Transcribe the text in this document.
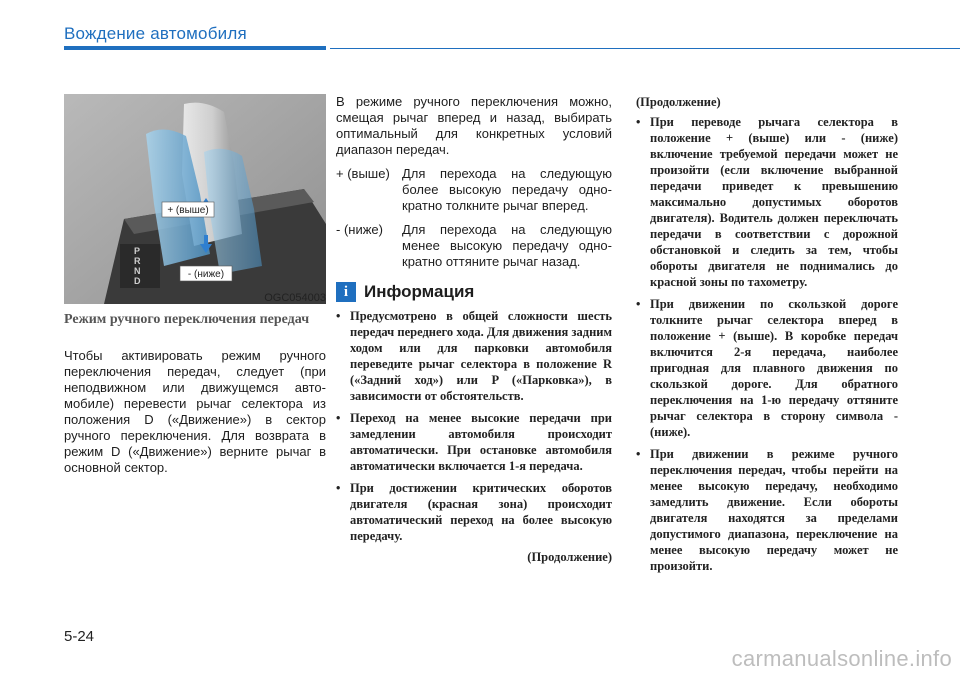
Вождение автомобиля
P R N D
+ (выше)
- (ниже)
OGC054003
Режим ручного переключения передач

Чтобы активировать режим ручного переключения передач, следует (при неподвижном или движущемся автомобиле) перевести рычаг селектора из положения D («Движение») в сектор ручного переключения. Для возврата в режим D («Движение») верните рычаг в основной сектор.

В режиме ручного переключения можно, смещая рычаг вперед и назад, выбирать оптимальный для конкретных условий диапазон передач.

+ (выше) Для перехода на следующую более высокую передачу однократно толкните рычаг вперед.
- (ниже)	Для перехода на следующую менее высокую передачу однократно оттяните рычаг назад.
i Информация
• Предусмотрено в общей сложности шесть передач переднего хода. Для движения задним ходом или для парковки автомобиля переведите рычаг селектора в положение R («Задний ход») или P («Парковка»), в зависимости от обстоятельств.
• Переход на менее высокие передачи при замедлении автомобиля происходит автоматически. При остановке автомобиля автоматически включается 1-я передача.
• При достижении критических оборотов двигателя (красная зона) происходит автоматический переход на более высокую передачу.
(Продолжение)
(Продолжение)
• При переводе рычага селектора в положение + (выше) или - (ниже) включение требуемой передачи может не произойти (если включение выбранной передачи приведет к превышению максимально допустимых оборотов двигателя). Водитель должен переключать передачи в соответствии с дорожной обстановкой и следить за тем, чтобы обороты двигателя не поднимались до красной зоны по тахометру.
• При движении по скользкой дороге толкните рычаг селектора вперед в положение + (выше). В коробке передач включится 2-я передача, наиболее пригодная для плавного движения по скользкой дороге. Для обратного переключения на 1-ю передачу оттяните рычаг селектора в сторону символа - (ниже).
• При движении в режиме ручного переключения передач, чтобы перейти на менее высокую передачу, необходимо замедлить движение. Если обороты двигателя находятся за пределами допустимого диапазона, переключение на менее высокую передачу может не произойти.
5-24
carmanualsonline.info
